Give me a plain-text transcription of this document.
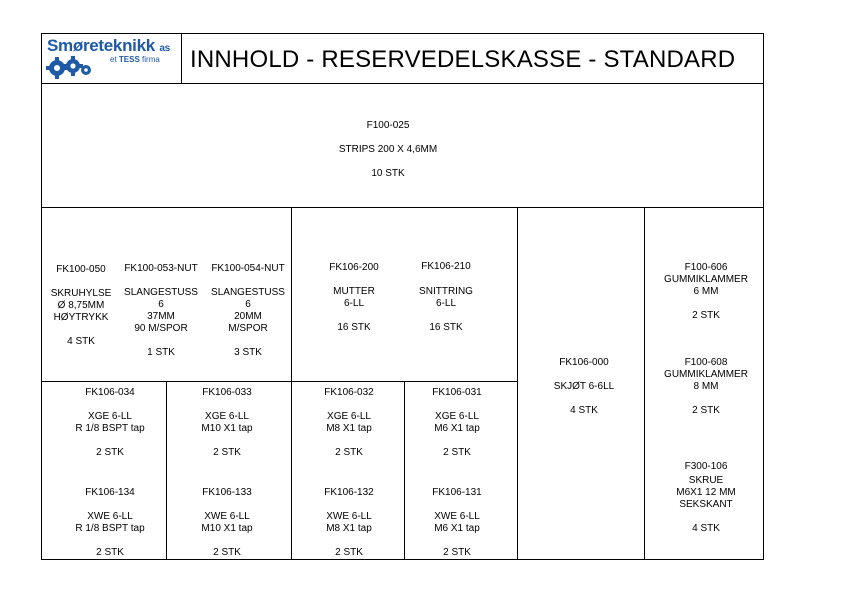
Smøreteknikk as
et TESS firma INNHOLD - RESERVEDELSKASSE - STANDARD
F100-025
STRIPS 200 X 4,6MM
10 STK
FK100-050
SKRUHYLSE
Ø 8,75MM
HØYTRYKK
4 STK
FK100-053-NUT
SLANGESTUSS
6
37MM
90 M/SPOR
1 STK
FK100-054-NUT
SLANGESTUSS
6
20MM
M/SPOR
3 STK
FK106-200
MUTTER
6-LL
16 STK
FK106-210
SNITTRING
6-LL
16 STK
FK106-034
XGE 6-LL
R 1/8 BSPT tap
2 STK
FK106-033
XGE 6-LL
M10 X1 tap
2 STK
FK106-032
XGE 6-LL
M8 X1 tap
2 STK
FK106-031
XGE 6-LL
M6 X1 tap
2 STK
FK106-134
XWE 6-LL
R 1/8 BSPT tap
2 STK
FK106-133
XWE 6-LL
M10 X1 tap
2 STK
FK106-132
XWE 6-LL
M8 X1 tap
2 STK
FK106-131
XWE 6-LL
M6 X1 tap
2 STK
FK106-000
SKJØT 6-6LL
4 STK
F100-606
GUMMIKLAMMER
6 MM
2 STK
F100-608
GUMMIKLAMMER
8 MM
2 STK
F300-106
SKRUE
M6X1 12 MM
SEKSKANT
4 STK
